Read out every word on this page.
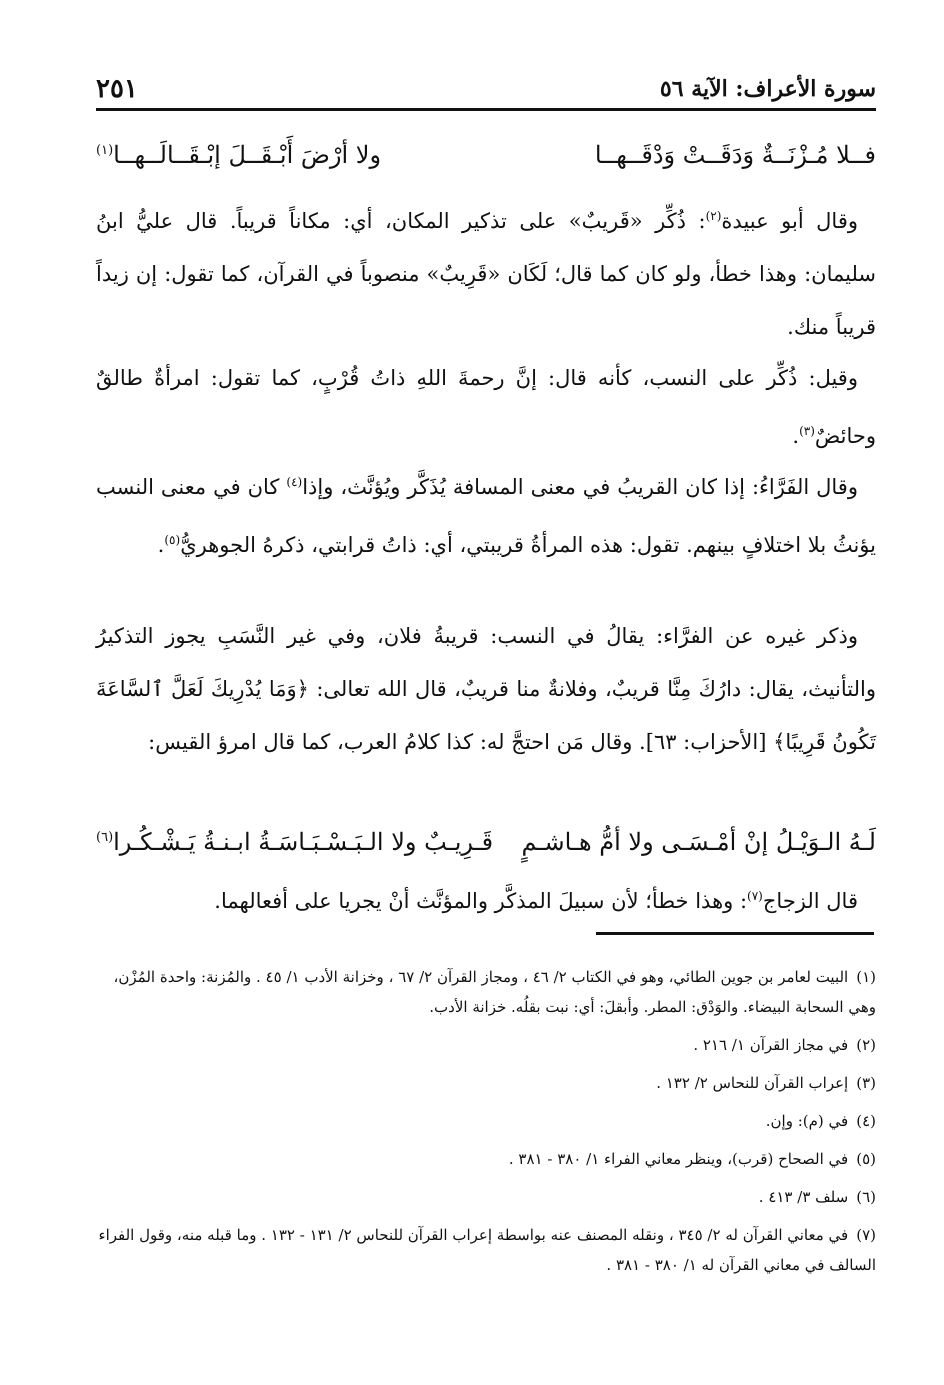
سورة الأعراف: الآية ٥٦
٢٥١
فــلا مُـزْنَــةٌ وَدَقَــتْ وَدْقَــهــا
ولا أرْضَ أَبْـقَــلَ إبْـقَــالَــهــا$^{(١)}$

وقال أبو عبيدة$^{(٢)}$: ذُكِّر «قَريبٌ» على تذكير المكان، أي: مكاناً قريباً. قال عليُّ ابنُ سليمان: وهذا خطأ، ولو كان كما قال؛ لَكَان «قَرِيبٌ» منصوباً في القرآن، كما تقول: إن زيداً قريباً منك.

وقيل: ذُكِّر على النسب، كأنه قال: إنَّ رحمةَ اللهِ ذاتُ قُرْبٍ، كما تقول: امرأةٌ طالقٌ وحائضٌ$^{(٣)}$.

وقال الفَرَّاءُ: إذا كان القريبُ في معنى المسافة يُذَكَّر ويُؤنَّث، وإذا$^{(٤)}$ كان في معنى النسب يؤنثُ بلا اختلافٍ بينهم. تقول: هذه المرأةُ قريبتي، أي: ذاتُ قرابتي، ذكرهُ الجوهريُّ$^{(٥)}$.

وذكر غيره عن الفرَّاء: يقالُ في النسب: قريبةُ فلان، وفي غير النَّسَبِ يجوز التذكيرُ والتأنيث، يقال: دارُكَ مِنَّا قريبٌ، وفلانةٌ منا قريبٌ، قال الله تعالى: ﴿وَمَا يُدْرِيكَ لَعَلَّ ٱلسَّاعَةَ تَكُونُ قَرِيبًا﴾ [الأحزاب: ٦٣]. وقال مَن احتجَّ له: كذا كلامُ العرب، كما قال امرؤ القيس:

لَـهُ الـوَيْـلُ إنْ أمْـسَـى ولا أمُّ هـاشـمٍ
قَـرِيـبٌ ولا الـبَـسْـبَـاسَـةُ ابـنـةُ يَـشْـكُـرا$^{(٦)}$

قال الزجاج$^{(٧)}$: وهذا خطأ؛ لأن سبيلَ المذكَّر والمؤنَّث أنْ يجريا على أفعالهما.

(١)البيت لعامر بن جوين الطائي، وهو في الكتاب ٢/ ٤٦ ، ومجاز القرآن ٢/ ٦٧ ، وخزانة الأدب ١/ ٤٥ . والمُزنة: واحدة المُزْن، وهي السحابة البيضاء. والوَدْق: المطر. وأبقلَ: أي: نبت بقلُه. خزانة الأدب.

(٢)في مجاز القرآن ١/ ٢١٦ .

(٣)إعراب القرآن للنحاس ٢/ ١٣٢ .

(٤)في (م): وإن.

(٥)في الصحاح (قرب)، وينظر معاني الفراء ١/ ٣٨٠ - ٣٨١ .

(٦)سلف ٣/ ٤١٣ .

(٧)في معاني القرآن له ٢/ ٣٤٥ ، ونقله المصنف عنه بواسطة إعراب القرآن للنحاس ٢/ ١٣١ - ١٣٢ . وما قبله منه، وقول الفراء السالف في معاني القرآن له ١/ ٣٨٠ - ٣٨١ .
